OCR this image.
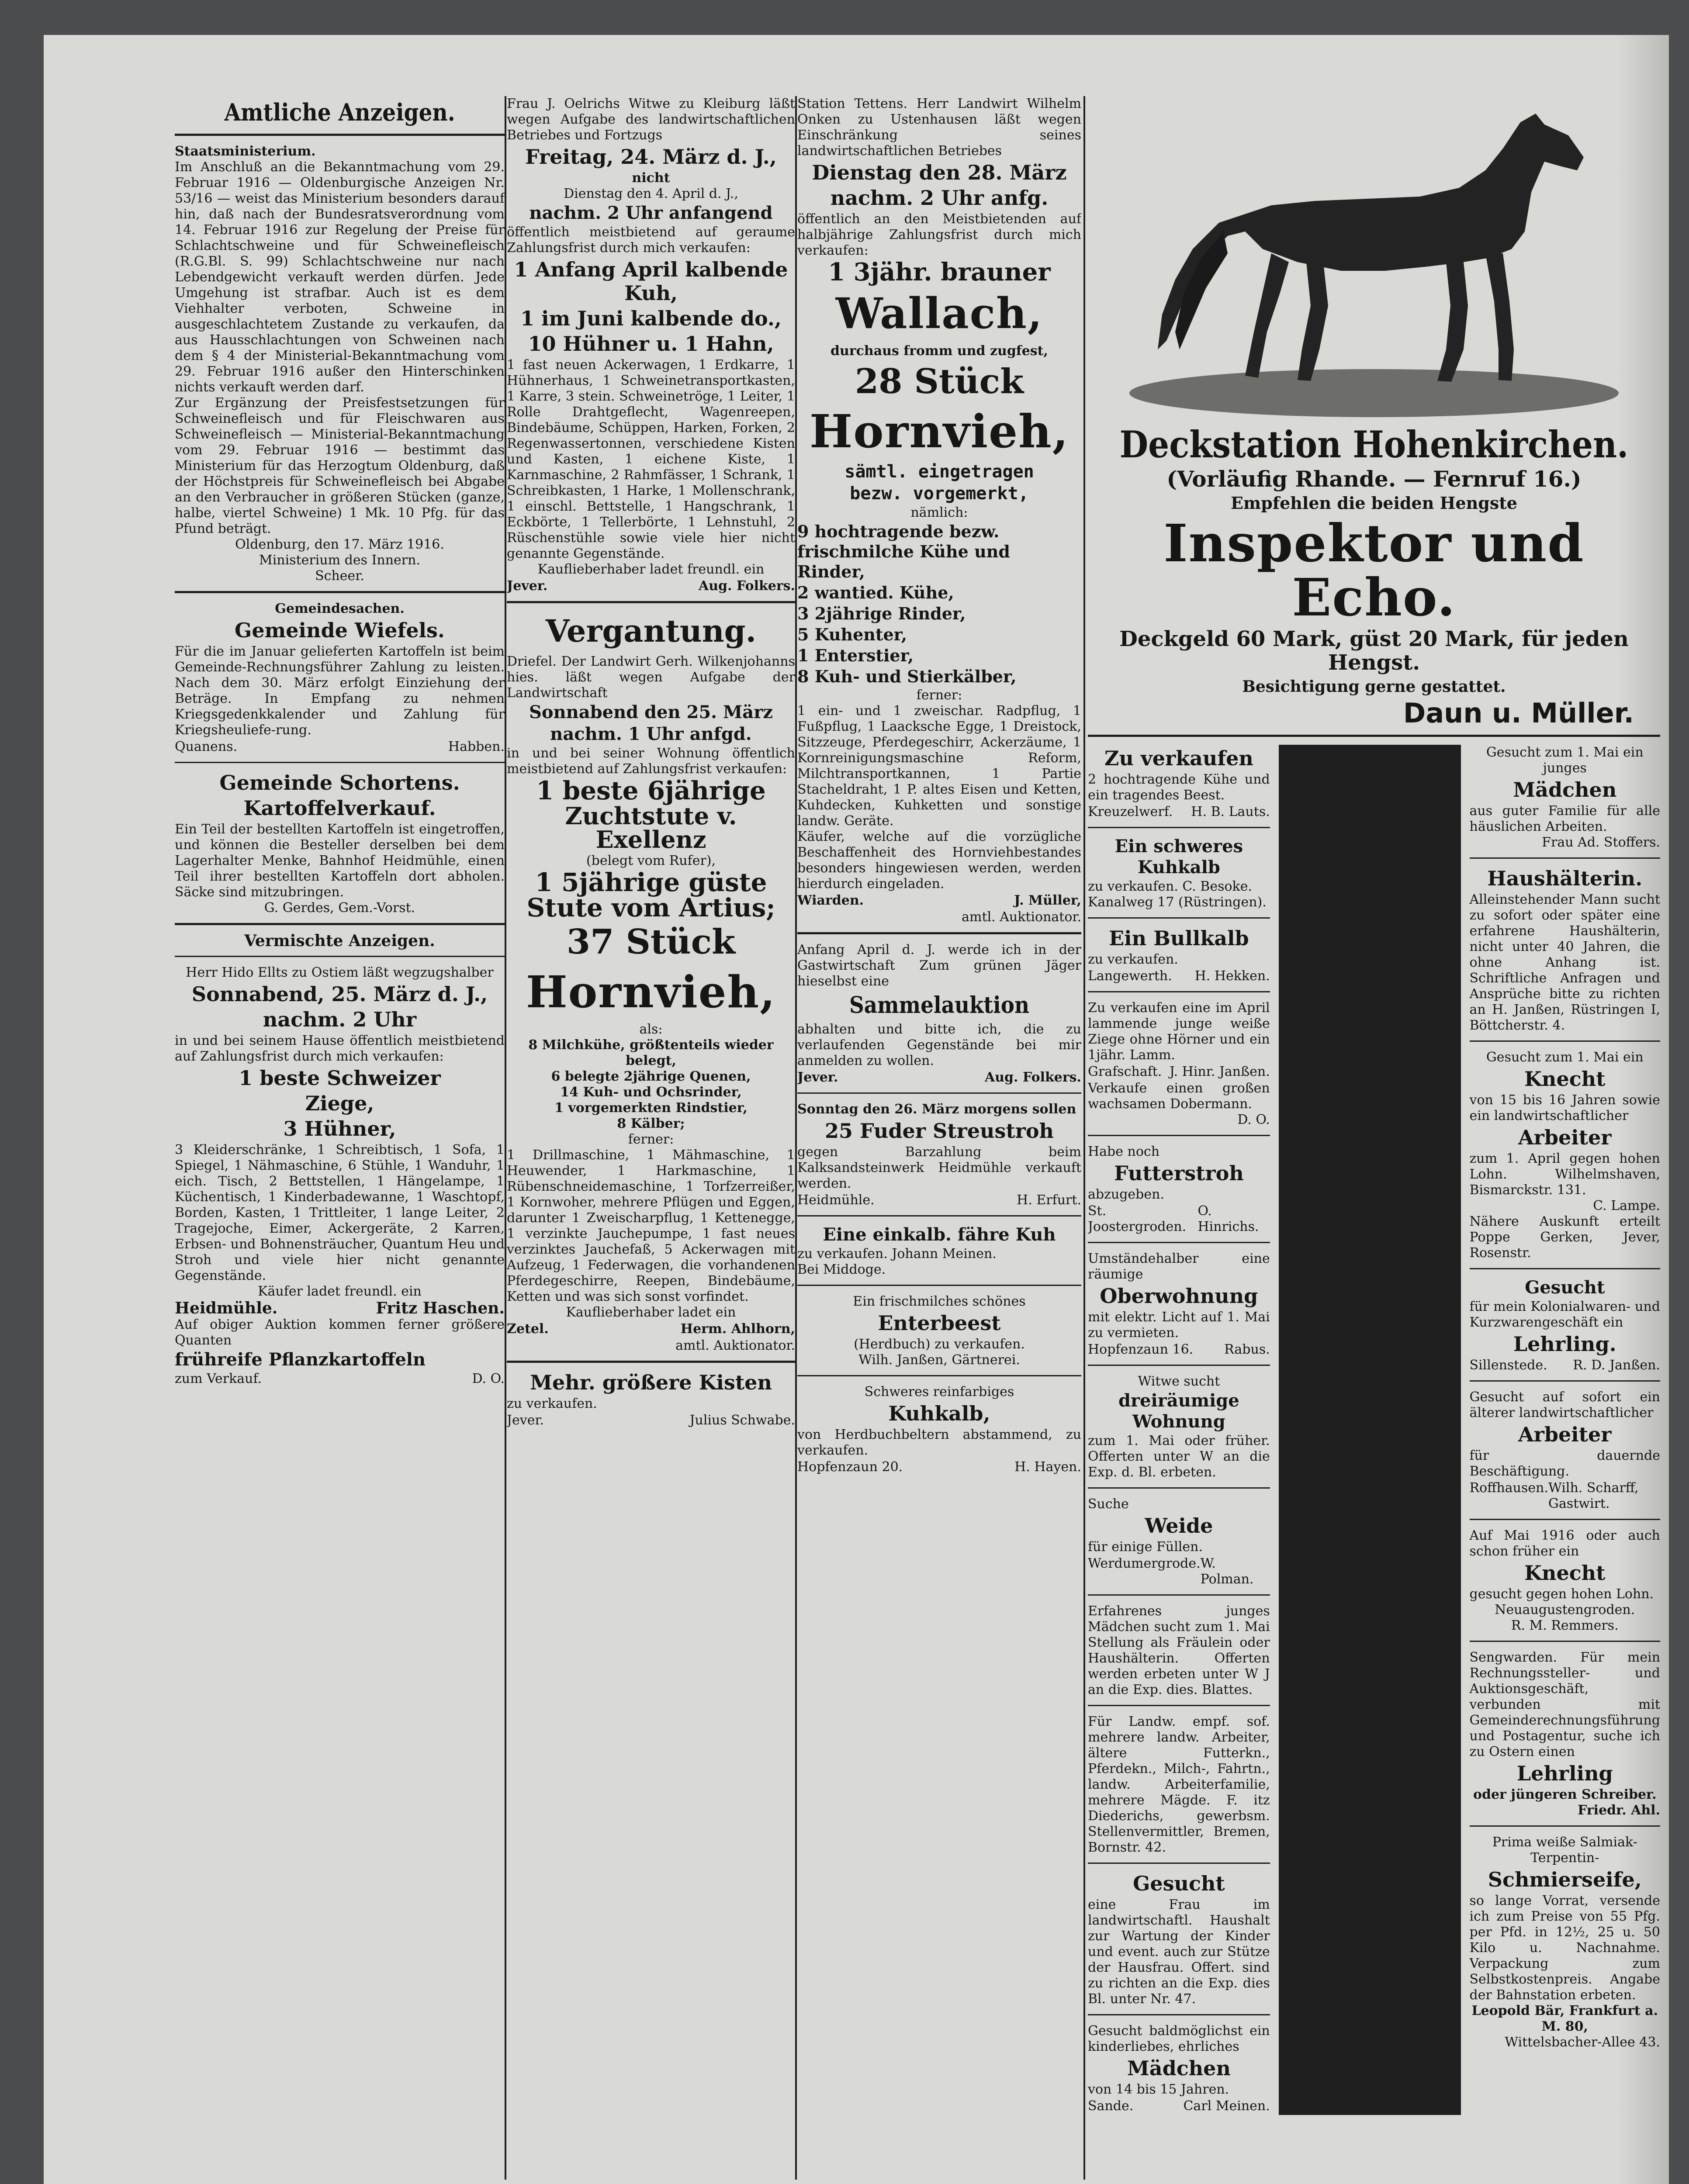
Amtliche Anzeigen.

Staatsministerium.

Im Anschluß an die Bekanntmachung vom 29. Februar 1916 — Oldenburgische Anzeigen Nr. 53/16 — weist das Ministerium besonders darauf hin, daß nach der Bundesratsverordnung vom 14. Februar 1916 zur Regelung der Preise für Schlachtschweine und für Schweinefleisch (R.G.Bl. S. 99) Schlachtschweine nur nach Lebendgewicht verkauft werden dürfen. Jede Umgehung ist strafbar. Auch ist es dem Viehhalter verboten, Schweine in ausgeschlachtetem Zustande zu verkaufen, da aus Hausschlachtungen von Schweinen nach dem § 4 der Ministerial-Bekanntmachung vom 29. Februar 1916 außer den Hinterschinken nichts verkauft werden darf.

Zur Ergänzung der Preisfestsetzungen für Schweinefleisch und für Fleischwaren aus Schweinefleisch — Ministerial-Bekanntmachung vom 29. Februar 1916 — bestimmt das Ministerium für das Herzogtum Oldenburg, daß der Höchstpreis für Schweinefleisch bei Abgabe an den Verbraucher in größeren Stücken (ganze, halbe, viertel Schweine) 1 Mk. 10 Pfg. für das Pfund beträgt.

Oldenburg, den 17. März 1916.

Ministerium des Innern.

Scheer.

Gemeindesachen.

Gemeinde Wiefels.

Für die im Januar gelieferten Kartoffeln ist beim Gemeinde-Rechnungsführer Zahlung zu leisten. Nach dem 30. März erfolgt Einziehung der Beträge. In Empfang zu nehmen Kriegsgedenkkalender und Zahlung für Kriegsheuliefe-rung.

Quanens.	Habben.
Gemeinde Schortens.
Kartoffelverkauf.

Ein Teil der bestellten Kartoffeln ist eingetroffen, und können die Besteller derselben bei dem Lagerhalter Menke, Bahnhof Heidmühle, einen Teil ihrer bestellten Kartoffeln dort abholen. Säcke sind mitzubringen.

G. Gerdes, Gem.-Vorst.

Vermischte Anzeigen.

Herr Hido Ellts zu Ostiem läßt wegzugshalber

Sonnabend, 25. März d. J.,
nachm. 2 Uhr

in und bei seinem Hause öffentlich meistbietend auf Zahlungsfrist durch mich verkaufen:

1 beste Schweizer
Ziege,
3 Hühner,

3 Kleiderschränke, 1 Schreibtisch, 1 Sofa, 1 Spiegel, 1 Nähmaschine, 6 Stühle, 1 Wanduhr, 1 eich. Tisch, 2 Bettstellen, 1 Hängelampe, 1 Küchentisch, 1 Kinderbadewanne, 1 Waschtopf, Borden, Kasten, 1 Trittleiter, 1 lange Leiter, 2 Tragejoche, Eimer, Ackergeräte, 2 Karren, Erbsen- und Bohnensträucher, Quantum Heu und Stroh und viele hier nicht genannte Gegenstände.

Käufer ladet freundl. ein

Heidmühle.	Fritz Haschen.

Auf obiger Auktion kommen ferner größere Quanten

frühreife Pflanzkartoffeln
zum Verkauf.	D. O.

Frau J. Oelrichs Witwe zu Kleiburg läßt wegen Aufgabe des landwirtschaftlichen Betriebes und Fortzugs

Freitag, 24. März d. J.,

nicht

Dienstag den 4. April d. J.,

nachm. 2 Uhr anfangend

öffentlich meistbietend auf geraume Zahlungsfrist durch mich verkaufen:

1 Anfang April kalbende Kuh,
1 im Juni kalbende do.,
10 Hühner u. 1 Hahn,

1 fast neuen Ackerwagen, 1 Erdkarre, 1 Hühnerhaus, 1 Schweinetransportkasten, 1 Karre, 3 stein. Schweinetröge, 1 Leiter, 1 Rolle Drahtgeflecht, Wagenreepen, Bindebäume, Schüppen, Harken, Forken, 2 Regenwassertonnen, verschiedene Kisten und Kasten, 1 eichene Kiste, 1 Karnmaschine, 2 Rahmfässer, 1 Schrank, 1 Schreibkasten, 1 Harke, 1 Mollenschrank, 1 einschl. Bettstelle, 1 Hangschrank, 1 Eckbörte, 1 Tellerbörte, 1 Lehnstuhl, 2 Rüschenstühle sowie viele hier nicht genannte Gegenstände.

Kauflieberhaber ladet freundl. ein

Jever.	Aug. Folkers.
Vergantung.

Driefel. Der Landwirt Gerh. Wilkenjohanns hies. läßt wegen Aufgabe der Landwirtschaft

Sonnabend den 25. März
nachm. 1 Uhr anfgd.

in und bei seiner Wohnung öffentlich meistbietend auf Zahlungsfrist verkaufen:

1 beste 6jährige
Zuchtstute v. Exellenz

(belegt vom Rufer),

1 5jährige güste
Stute vom Artius;
37 Stück
Hornvieh,

als:

8 Milchkühe, größtenteils wieder belegt,

6 belegte 2jährige Quenen,

14 Kuh- und Ochsrinder,

1 vorgemerkten Rindstier,

8 Kälber;

ferner:

1 Drillmaschine, 1 Mähmaschine, 1 Heuwender, 1 Harkmaschine, 1 Rübenschneidemaschine, 1 Torfzerreißer, 1 Kornwoher, mehrere Pflügen und Eggen, darunter 1 Zweischarpflug, 1 Kettenegge, 1 verzinkte Jauchepumpe, 1 fast neues verzinktes Jauchefaß, 5 Ackerwagen mit Aufzeug, 1 Federwagen, die vorhandenen Pferdegeschirre, Reepen, Bindebäume, Ketten und was sich sonst vorfindet.

Kauflieberhaber ladet ein

Zetel.	Herm. Ahlhorn,

amtl. Auktionator.

Mehr. größere Kisten

zu verkaufen.

Jever.	Julius Schwabe.

Station Tettens. Herr Landwirt Wilhelm Onken zu Ustenhausen läßt wegen Einschränkung seines landwirtschaftlichen Betriebes

Dienstag den 28. März
nachm. 2 Uhr anfg.

öffentlich an den Meistbietenden auf halbjährige Zahlungsfrist durch mich verkaufen:

1 3jähr. brauner
Wallach,

durchaus fromm und zugfest,

28 Stück
Hornvieh,
sämtl. eingetragen
bezw. vorgemerkt,

nämlich:

9 hochtragende bezw. frischmilche Kühe und Rinder,
2 wantied. Kühe,
3 2jährige Rinder,
5 Kuhenter,
1 Enterstier,
8 Kuh- und Stierkälber,

ferner:

1 ein- und 1 zweischar. Radpflug, 1 Fußpflug, 1 Laacksche Egge, 1 Dreistock, Sitzzeuge, Pferdegeschirr, Ackerzäume, 1 Kornreinigungsmaschine Reform, Milchtransportkannen, 1 Partie Stacheldraht, 1 P. altes Eisen und Ketten, Kuhdecken, Kuhketten und sonstige landw. Geräte.

Käufer, welche auf die vorzügliche Beschaffenheit des Hornviehbestandes besonders hingewiesen werden, werden hierdurch eingeladen.

Wiarden.	J. Müller,

amtl. Auktionator.

Anfang April d. J. werde ich in der Gastwirtschaft Zum grünen Jäger hieselbst eine

Sammelauktion

abhalten und bitte ich, die zu verlaufenden Gegenstände bei mir anmelden zu wollen.

Jever.	Aug. Folkers.

Sonntag den 26. März morgens sollen

25 Fuder Streustroh

gegen Barzahlung beim Kalksandsteinwerk Heidmühle verkauft werden.

Heidmühle.	H. Erfurt.
Eine einkalb. fähre Kuh

zu verkaufen. Johann Meinen.

Bei Middoge.

Ein frischmilches schönes

Enterbeest

(Herdbuch) zu verkaufen.

Wilh. Janßen, Gärtnerei.

Schweres reinfarbiges

Kuhkalb,

von Herdbuchbeltern abstammend, zu verkaufen.

Hopfenzaun 20.	H. Hayen.
Deckstation Hohenkirchen.
(Vorläufig Rhande. — Fernruf 16.)
Empfehlen die beiden Hengste
Inspektor und Echo.
Deckgeld 60 Mark, güst 20 Mark, für jeden Hengst.
Besichtigung gerne gestattet.
Daun u. Müller.
Zu verkaufen

2 hochtragende Kühe und ein tragendes Beest.

Kreuzelwerf. H. B. Lauts.
Ein schweres Kuhkalb

zu verkaufen. C. Besoke.

Kanalweg 17 (Rüstringen).

Ein Bullkalb

zu verkaufen.

Langewerth. H. Hekken.

Zu verkaufen eine im April lammende junge weiße Ziege ohne Hörner und ein 1jähr. Lamm.

Grafschaft. J. Hinr. Janßen.

Verkaufe einen großen wachsamen Dobermann.

D. O.

Habe noch

Futterstroh

abzugeben.

St. Joostergroden.
O. Hinrichs.

Umständehalber eine räumige

Oberwohnung

mit elektr. Licht auf 1. Mai zu vermieten.

Hopfenzaun 16. Rabus.

Witwe sucht

dreiräumige Wohnung

zum 1. Mai oder früher. Offerten unter W an die Exp. d. Bl. erbeten.

Suche

Weide

für einige Füllen.

Werdumergrode. W. Polman.

Erfahrenes junges Mädchen sucht zum 1. Mai Stellung als Fräulein oder Haushälterin. Offerten werden erbeten unter W J an die Exp. dies. Blattes.

Für Landw. empf. sof. mehrere landw. Arbeiter, ältere Futterkn., Pferdekn., Milch-, Fahrtn., landw. Arbeiterfamilie, mehrere Mägde. F. itz Diederichs, gewerbsm. Stellenvermittler, Bremen, Bornstr. 42.

Gesucht

eine Frau im landwirtschaftl. Haushalt zur Wartung der Kinder und event. auch zur Stütze der Hausfrau. Offert. sind zu richten an die Exp. dies Bl. unter Nr. 47.

Gesucht baldmöglichst ein kinderliebes, ehrliches

Mädchen

von 14 bis 15 Jahren.

Sande.	Carl Meinen.

Gesucht zum 1. Mai ein junges

Mädchen

aus guter Familie für alle häuslichen Arbeiten.

Frau Ad. Stoffers.

Haushälterin.

Alleinstehender Mann sucht zu sofort oder später eine erfahrene Haushälterin, nicht unter 40 Jahren, die ohne Anhang ist. Schriftliche Anfragen und Ansprüche bitte zu richten an H. Janßen, Rüstringen I, Böttcherstr. 4.

Gesucht zum 1. Mai ein

Knecht

von 15 bis 16 Jahren sowie ein landwirtschaftlicher

Arbeiter

zum 1. April gegen hohen Lohn. Wilhelmshaven, Bismarckstr. 131.

C. Lampe.

Nähere Auskunft erteilt Poppe Gerken, Jever, Rosenstr.

Gesucht

für mein Kolonialwaren- und Kurzwarengeschäft ein

Lehrling.
Sillenstede. R. D. Janßen.

Gesucht auf sofort ein älterer landwirtschaftlicher

Arbeiter

für dauernde Beschäftigung.

Roffhausen. Wilh. Scharff, Gastwirt.

Auf Mai 1916 oder auch schon früher ein

Knecht

gesucht gegen hohen Lohn.

Neuaugustengroden.

R. M. Remmers.

Sengwarden. Für mein Rechnungssteller- und Auktionsgeschäft, verbunden mit Gemeinderechnungsführung und Postagentur, suche ich zu Ostern einen

Lehrling

oder jüngeren Schreiber.

Friedr. Ahl.

Prima weiße Salmiak-Terpentin-

Schmierseife,

so lange Vorrat, versende ich zum Preise von 55 Pfg. per Pfd. in 12½, 25 u. 50 Kilo u. Nachnahme. Verpackung zum Selbstkostenpreis. Angabe der Bahnstation erbeten.

Leopold Bär, Frankfurt a. M. 80,

Wittelsbacher-Allee 43.
